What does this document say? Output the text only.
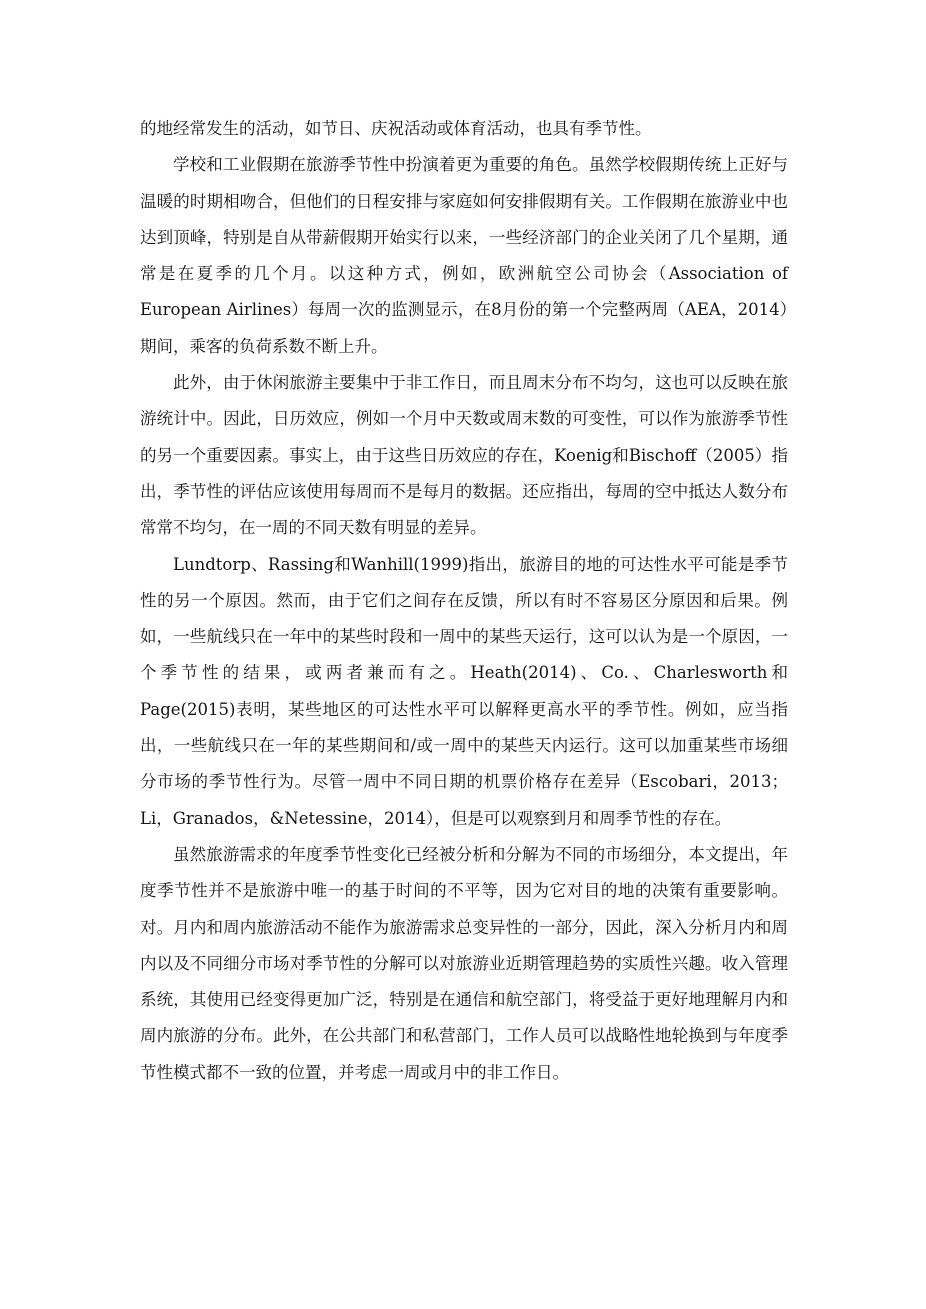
的地经常发生的活动，如节日、庆祝活动或体育活动，也具有季节性。

学校和工业假期在旅游季节性中扮演着更为重要的角色。虽然学校假期传统上正好与温暖的时期相吻合，但他们的日程安排与家庭如何安排假期有关。工作假期在旅游业中也达到顶峰，特别是自从带薪假期开始实行以来，一些经济部门的企业关闭了几个星期，通常是在夏季的几个月。以这种方式，例如，欧洲航空公司协会（Association of European Airlines）每周一次的监测显示，在8月份的第一个完整两周（AEA，2014）期间，乘客的负荷系数不断上升。

此外，由于休闲旅游主要集中于非工作日，而且周末分布不均匀，这也可以反映在旅游统计中。因此，日历效应，例如一个月中天数或周末数的可变性，可以作为旅游季节性的另一个重要因素。事实上，由于这些日历效应的存在，Koenig和Bischoff（2005）指出，季节性的评估应该使用每周而不是每月的数据。还应指出，每周的空中抵达人数分布常常不均匀，在一周的不同天数有明显的差异。

Lundtorp、Rassing和Wanhill(1999)指出，旅游目的地的可达性水平可能是季节性的另一个原因。然而，由于它们之间存在反馈，所以有时不容易区分原因和后果。例如，一些航线只在一年中的某些时段和一周中的某些天运行，这可以认为是一个原因，一个季节性的结果，或两者兼而有之。Heath(2014)、Co.、Charlesworth和Page(2015)表明，某些地区的可达性水平可以解释更高水平的季节性。例如，应当指出，一些航线只在一年的某些期间和/或一周中的某些天内运行。这可以加重某些市场细分市场的季节性行为。尽管一周中不同日期的机票价格存在差异（Escobari，2013；Li，Granados，&Netessine，2014），但是可以观察到月和周季节性的存在。

虽然旅游需求的年度季节性变化已经被分析和分解为不同的市场细分，本文提出，年度季节性并不是旅游中唯一的基于时间的不平等，因为它对目的地的决策有重要影响。对。月内和周内旅游活动不能作为旅游需求总变异性的一部分，因此，深入分析月内和周内以及不同细分市场对季节性的分解可以对旅游业近期管理趋势的实质性兴趣。收入管理系统，其使用已经变得更加广泛，特别是在通信和航空部门，将受益于更好地理解月内和周内旅游的分布。此外，在公共部门和私营部门，工作人员可以战略性地轮换到与年度季节性模式都不一致的位置，并考虑一周或月中的非工作日。
